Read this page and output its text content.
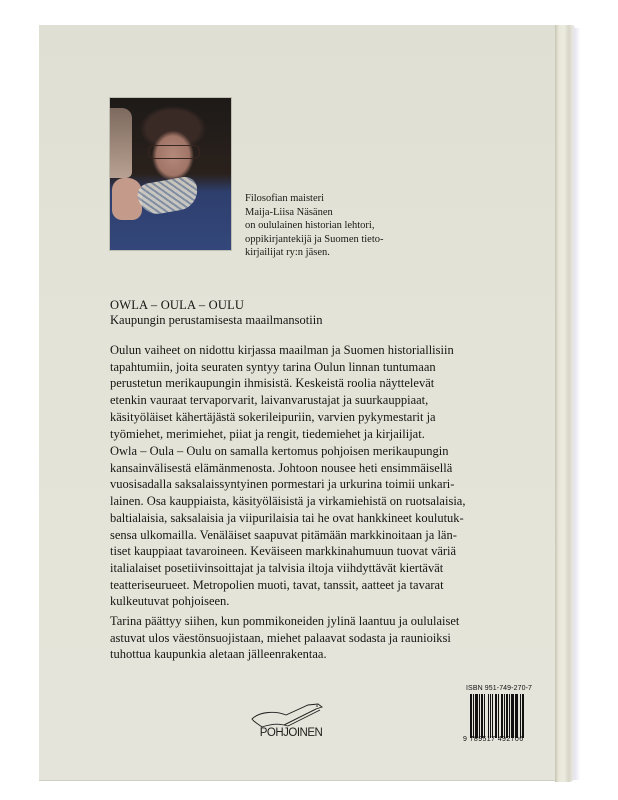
Filosofian maisteri
Maija-Liisa Näsänen
on oululainen historian lehtori,
oppikirjantekijä ja Suomen tieto-
kirjailijat ry:n jäsen.
OWLA – OULA – OULU
Kaupungin perustamisesta maailmansotiin
Oulun vaiheet on nidottu kirjassa maailman ja Suomen historiallisiin
tapahtumiin, joita seuraten syntyy tarina Oulun linnan tuntumaan
perustetun merikaupungin ihmisistä. Keskeistä roolia näyttelevät
etenkin vauraat tervaporvarit, laivanvarustajat ja suurkauppiaat,
käsityöläiset kähertäjästä sokerileipuriin, varvien pykymestarit ja
työmiehet, merimiehet, piiat ja rengit, tiedemiehet ja kirjailijat.
Owla – Oula – Oulu on samalla kertomus pohjoisen merikaupungin
kansainvälisestä elämänmenosta. Johtoon nousee heti ensimmäisellä
vuosisadalla saksalaissyntyinen pormestari ja urkurina toimii unkari-
lainen. Osa kauppiaista, käsityöläisistä ja virkamiehistä on ruotsalaisia,
baltialaisia, saksalaisia ja viipurilaisia tai he ovat hankkineet koulutuk-
sensa ulkomailla. Venäläiset saapuvat pitämään markkinoitaan ja län-
tiset kauppiaat tavaroineen. Keväiseen markkinahumuun tuovat väriä
italialaiset posetiivinsoittajat ja talvisia iltoja viihdyttävät kiertävät
teatteriseurueet. Metropolien muoti, tavat, tanssit, aatteet ja tavarat
kulkeutuvat pohjoiseen.
Tarina päättyy siihen, kun pommikoneiden jylinä laantuu ja oululaiset
astuvat ulos väestönsuojistaan, miehet palaavat sodasta ja raunioiksi
tuhottua kaupunkia aletaan jälleenrakentaa.
POHJOINEN
ISBN 951-749-270-7
9 789517 492706
